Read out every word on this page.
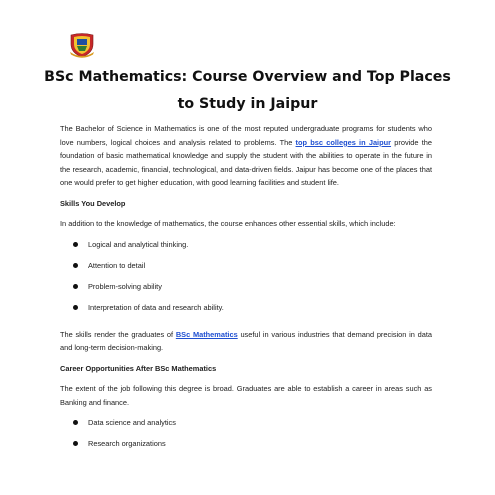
BSc Mathematics: Course Overview and Top Places
to Study in Jaipur

The Bachelor of Science in Mathematics is one of the most reputed undergraduate programs for students who love numbers, logical choices and analysis related to problems. The top bsc colleges in Jaipur provide the foundation of basic mathematical knowledge and supply the student with the abilities to operate in the future in the research, academic, financial, technological, and data-driven fields. Jaipur has become one of the places that one would prefer to get higher education, with good learning facilities and student life.

Skills You Develop

In addition to the knowledge of mathematics, the course enhances other essential skills, which include:

Logical and analytical thinking.
Attention to detail
Problem-solving ability
Interpretation of data and research ability.

The skills render the graduates of BSc Mathematics useful in various industries that demand precision in data and long-term decision-making.

Career Opportunities After BSc Mathematics

The extent of the job following this degree is broad. Graduates are able to establish a career in areas such as Banking and finance.

Data science and analytics
Research organizations
